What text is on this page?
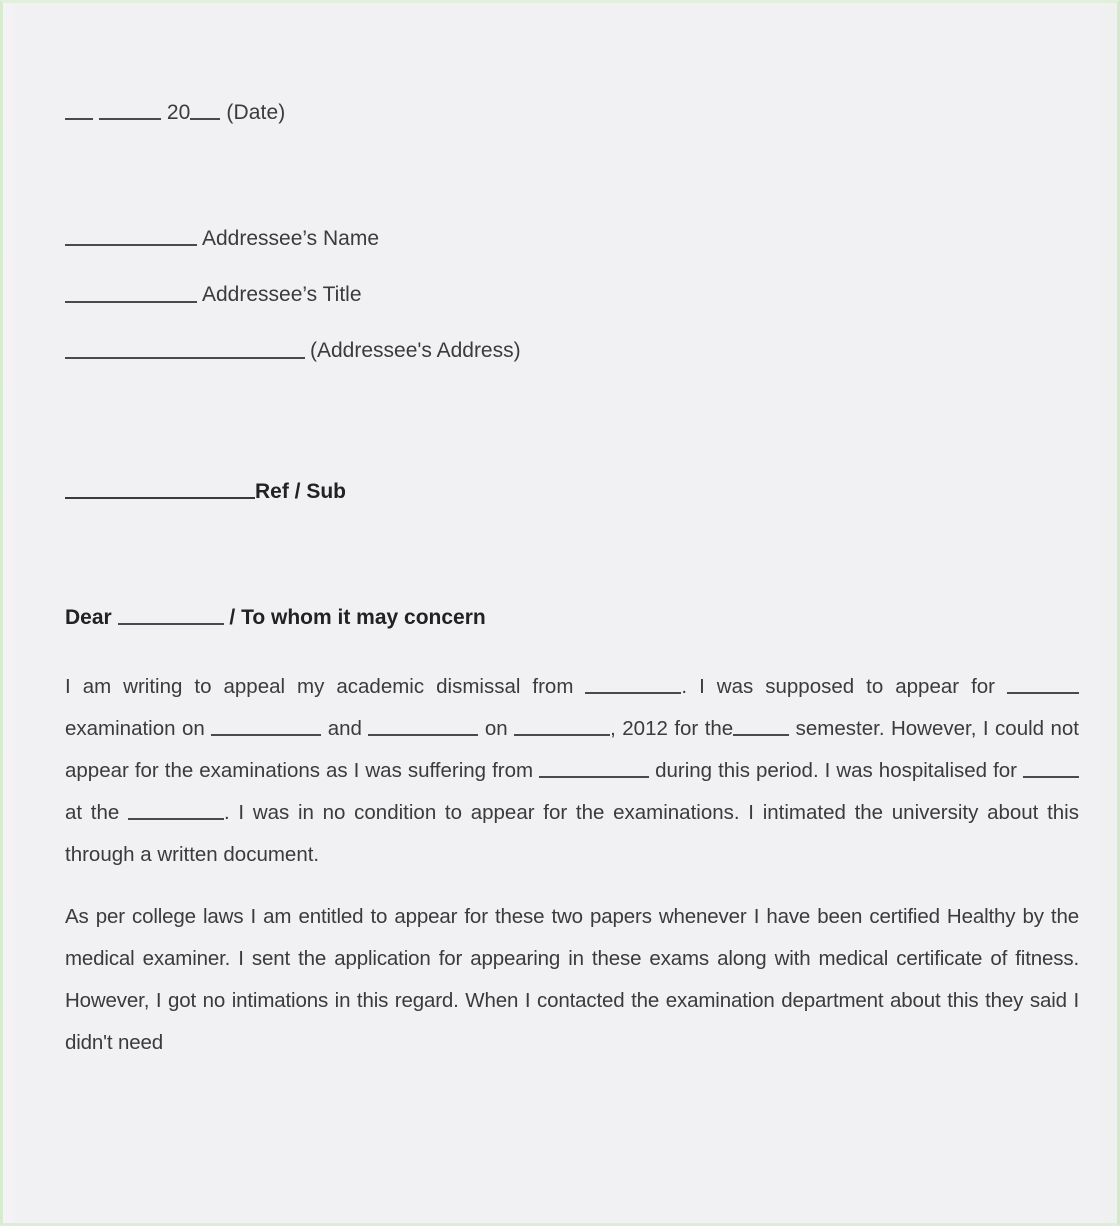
20 (Date)
Addressee’s Name
Addressee’s Title
(Addressee's Address)
Ref / Sub
Dear	/ To whom it may concern

I am writing to appeal my academic dismissal from	. I was supposed to appear for examination on	and	on	, 2012 for the	semester. However, I could not appear for the examinations as I was suffering from	during this period. I was hospitalised for  at the	. I was in no condition to appear for the examinations. I intimated the university about this through a written document.

As per college laws I am entitled to appear for these two papers whenever I have been certified Healthy by the medical examiner. I sent the application for appearing in these exams along with medical certificate of fitness. However, I got no intimations in this regard. When I contacted the examination department about this they said I didn't need
